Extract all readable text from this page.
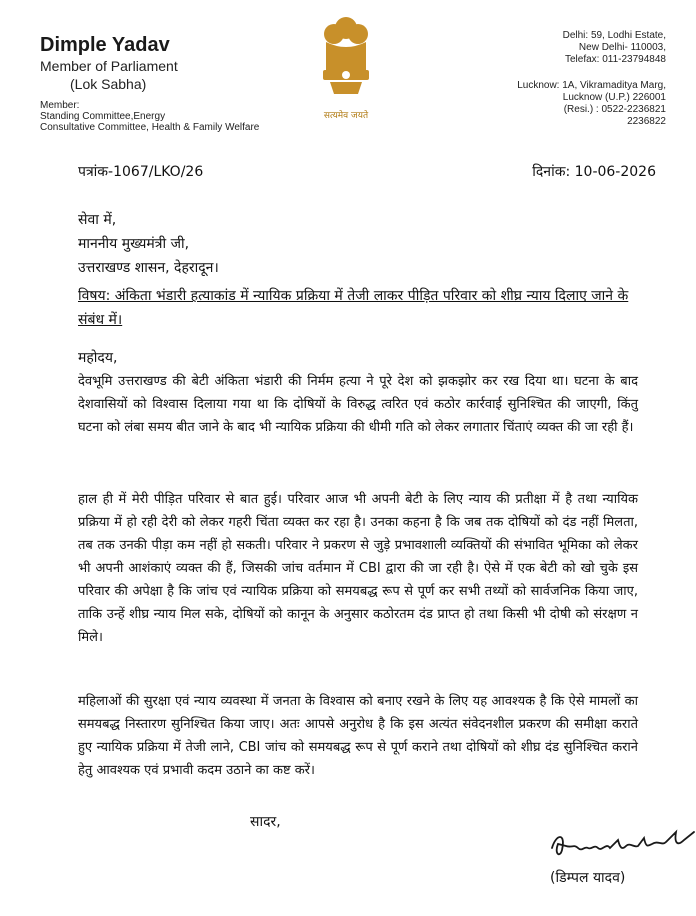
Dimple Yadav
Member of Parliament
(Lok Sabha)
Member:
Standing Committee,Energy
Consultative Committee, Health & Family Welfare
सत्यमेव जयते
Delhi: 59, Lodhi Estate,
New Delhi- 110003,
Telefax: 011-23794848
Lucknow: 1A, Vikramaditya Marg,
Lucknow (U.P.) 226001
(Resi.) : 0522-2236821
2236822
पत्रांक-1067/LKO/26	दिनांक: 10-06-2026
सेवा में,
माननीय मुख्यमंत्री जी,
उत्तराखण्ड शासन, देहरादून।
विषय: अंकिता भंडारी हत्याकांड में न्यायिक प्रक्रिया में तेजी लाकर पीड़ित परिवार को शीघ्र न्याय दिलाए जाने के संबंध में।
महोदय,
देवभूमि उत्तराखण्ड की बेटी अंकिता भंडारी की निर्मम हत्या ने पूरे देश को झकझोर कर रख दिया था। घटना के बाद देशवासियों को विश्वास दिलाया गया था कि दोषियों के विरुद्ध त्वरित एवं कठोर कार्रवाई सुनिश्चित की जाएगी, किंतु घटना को लंबा समय बीत जाने के बाद भी न्यायिक प्रक्रिया की धीमी गति को लेकर लगातार चिंताएं व्यक्त की जा रही हैं।
हाल ही में मेरी पीड़ित परिवार से बात हुई। परिवार आज भी अपनी बेटी के लिए न्याय की प्रतीक्षा में है तथा न्यायिक प्रक्रिया में हो रही देरी को लेकर गहरी चिंता व्यक्त कर रहा है। उनका कहना है कि जब तक दोषियों को दंड नहीं मिलता, तब तक उनकी पीड़ा कम नहीं हो सकती। परिवार ने प्रकरण से जुड़े प्रभावशाली व्यक्तियों की संभावित भूमिका को लेकर भी अपनी आशंकाएं व्यक्त की हैं, जिसकी जांच वर्तमान में CBI द्वारा की जा रही है। ऐसे में एक बेटी को खो चुके इस परिवार की अपेक्षा है कि जांच एवं न्यायिक प्रक्रिया को समयबद्ध रूप से पूर्ण कर सभी तथ्यों को सार्वजनिक किया जाए, ताकि उन्हें शीघ्र न्याय मिल सके, दोषियों को कानून के अनुसार कठोरतम दंड प्राप्त हो तथा किसी भी दोषी को संरक्षण न मिले।
महिलाओं की सुरक्षा एवं न्याय व्यवस्था में जनता के विश्वास को बनाए रखने के लिए यह आवश्यक है कि ऐसे मामलों का समयबद्ध निस्तारण सुनिश्चित किया जाए। अतः आपसे अनुरोध है कि इस अत्यंत संवेदनशील प्रकरण की समीक्षा कराते हुए न्यायिक प्रक्रिया में तेजी लाने, CBI जांच को समयबद्ध रूप से पूर्ण कराने तथा दोषियों को शीघ्र दंड सुनिश्चित कराने हेतु आवश्यक एवं प्रभावी कदम उठाने का कष्ट करें।
सादर,
(डिम्पल यादव)
